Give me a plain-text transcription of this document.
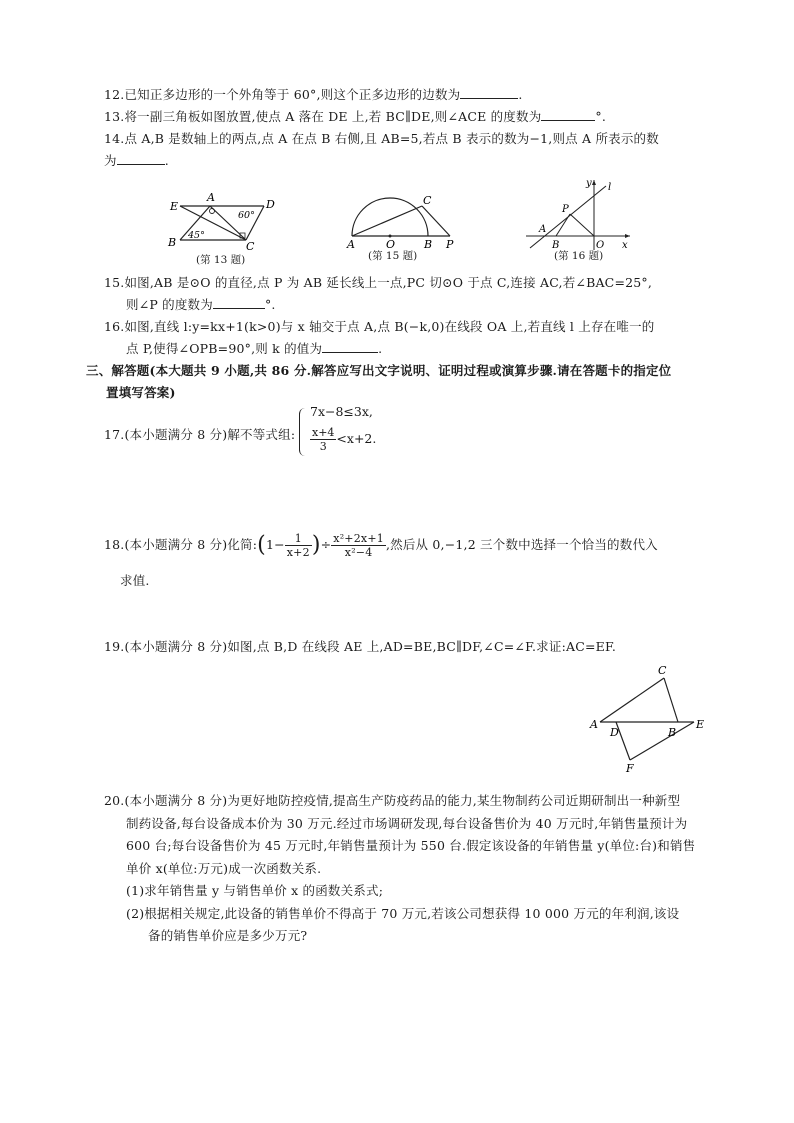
12.已知正多边形的一个外角等于 60°,则这个正多边形的边数为	.
13.将一副三角板如图放置,使点 A 落在 DE 上,若 BC∥DE,则∠ACE 的度数为	°.
14.点 A,B 是数轴上的两点,点 A 在点 B 右侧,且 AB=5,若点 B 表示的数为−1,则点 A 所表示的数
为	.
E
A
D
B	C
60°
45°
(第 13 题)
A	O	B P
C
(第 15 题)
y l
A
B	O
P
x
(第 16 题)
15.如图,AB 是⊙O 的直径,点 P 为 AB 延长线上一点,PC 切⊙O 于点 C,连接 AC,若∠BAC=25°,
则∠P 的度数为	°.
16.如图,直线 l:y=kx+1(k>0)与 x 轴交于点 A,点 B(−k,0)在线段 OA 上,若直线 l 上存在唯一的
点 P,使得∠OPB=90°,则 k 的值为	.
三、解答题(本大题共 9 小题,共 86 分.解答应写出文字说明、证明过程或演算步骤.请在答题卡的指定位
置填写答案)
17.(本小题满分 8 分)解不等式组:
7x−8≤3x,
$\frac{x+4}{3} <x+2$.
18.(本小题满分 8 分)化简:(1− $\frac{1}{x+2}$ )÷ $\frac{\text{x²+2x+1}}{\text{x²−4}}$ ,然后从 0,−1,2 三个数中选择一个恰当的数代入
求值.
19.(本小题满分 8 分)如图,点 B,D 在线段 AE 上,AD=BE,BC∥DF,∠C=∠F.求证:AC=EF.
A
D	B
E
C
F
20.(本小题满分 8 分)为更好地防控疫情,提高生产防疫药品的能力,某生物制药公司近期研制出一种新型
制药设备,每台设备成本价为 30 万元.经过市场调研发现,每台设备售价为 40 万元时,年销售量预计为
600 台;每台设备售价为 45 万元时,年销售量预计为 550 台.假定该设备的年销售量 y(单位:台)和销售
单价 x(单位:万元)成一次函数关系.
(1)求年销售量 y 与销售单价 x 的函数关系式;
(2)根据相关规定,此设备的销售单价不得高于 70 万元,若该公司想获得 10 000 万元的年利润,该设
备的销售单价应是多少万元?
